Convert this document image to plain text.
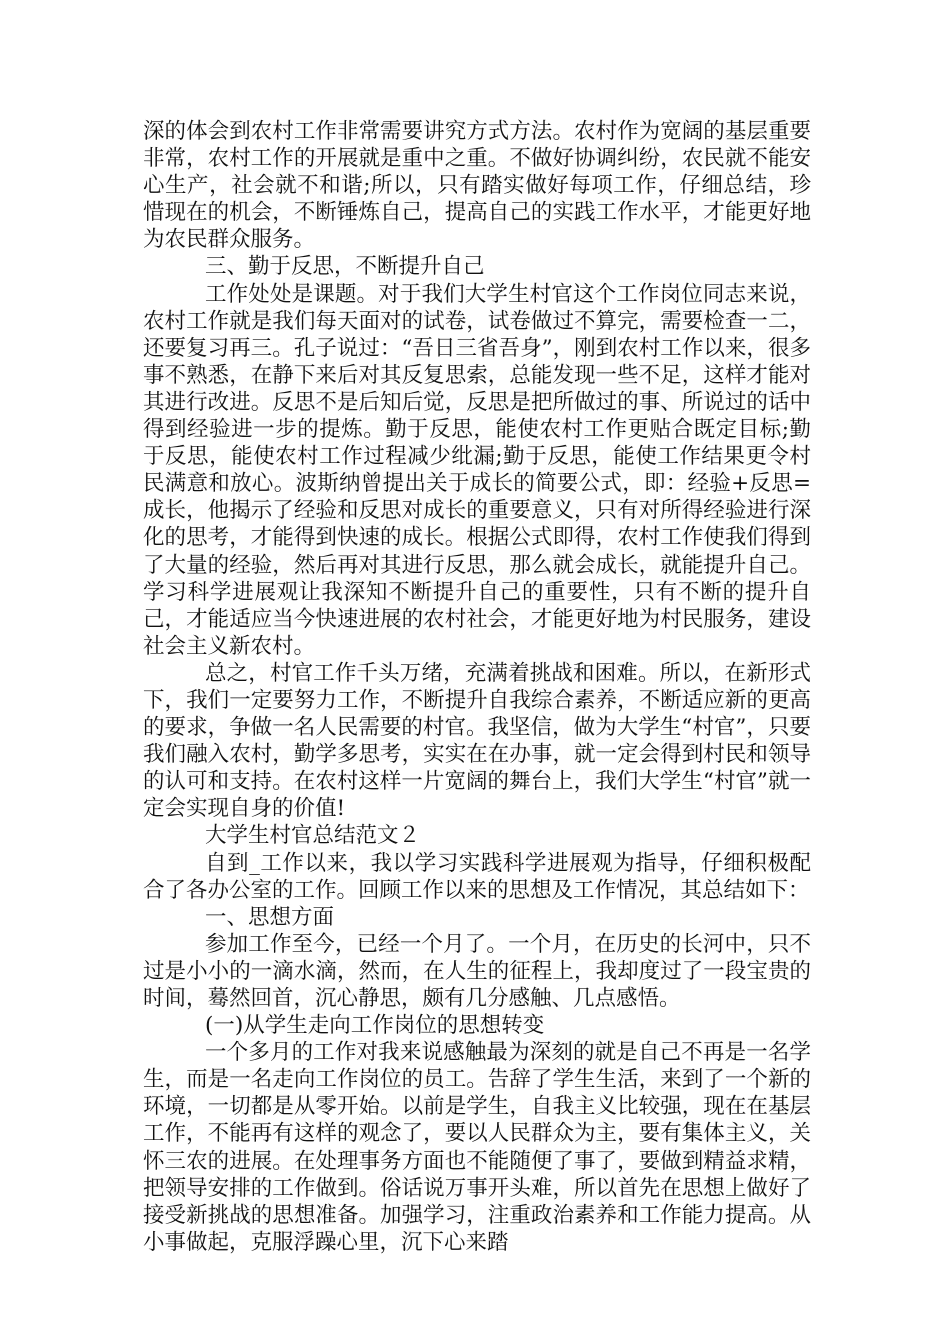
深的体会到农村工作非常需要讲究方式方法。农村作为宽阔的基层重要非常，农村工作的开展就是重中之重。不做好协调纠纷，农民就不能安心生产，社会就不和谐;所以，只有踏实做好每项工作，仔细总结，珍惜现在的机会，不断锤炼自己，提高自己的实践工作水平，才能更好地为农民群众服务。

三、勤于反思，不断提升自己

工作处处是课题。对于我们大学生村官这个工作岗位同志来说，农村工作就是我们每天面对的试卷，试卷做过不算完，需要检查一二，还要复习再三。孔子说过：“吾日三省吾身”，刚到农村工作以来，很多事不熟悉，在静下来后对其反复思索，总能发现一些不足，这样才能对其进行改进。反思不是后知后觉，反思是把所做过的事、所说过的话中得到经验进一步的提炼。勤于反思，能使农村工作更贴合既定目标;勤于反思，能使农村工作过程减少纰漏;勤于反思，能使工作结果更令村民满意和放心。波斯纳曾提出关于成长的简要公式，即：经验+反思=成长，他揭示了经验和反思对成长的重要意义，只有对所得经验进行深化的思考，才能得到快速的成长。根据公式即得，农村工作使我们得到了大量的经验，然后再对其进行反思，那么就会成长，就能提升自己。学习科学进展观让我深知不断提升自己的重要性，只有不断的提升自己，才能适应当今快速进展的农村社会，才能更好地为村民服务，建设社会主义新农村。

总之，村官工作千头万绪，充满着挑战和困难。所以，在新形式下，我们一定要努力工作，不断提升自我综合素养，不断适应新的更高的要求，争做一名人民需要的村官。我坚信，做为大学生“村官”，只要我们融入农村，勤学多思考，实实在在办事，就一定会得到村民和领导的认可和支持。在农村这样一片宽阔的舞台上，我们大学生“村官”就一定会实现自身的价值!

大学生村官总结范文２

自到_工作以来，我以学习实践科学进展观为指导，仔细积极配合了各办公室的工作。回顾工作以来的思想及工作情况，其总结如下：

一、思想方面

参加工作至今，已经一个月了。一个月，在历史的长河中，只不过是小小的一滴水滴，然而，在人生的征程上，我却度过了一段宝贵的时间，蓦然回首，沉心静思，颇有几分感触、几点感悟。

(一)从学生走向工作岗位的思想转变

一个多月的工作对我来说感触最为深刻的就是自己不再是一名学生，而是一名走向工作岗位的员工。告辞了学生生活，来到了一个新的环境，一切都是从零开始。以前是学生，自我主义比较强，现在在基层工作，不能再有这样的观念了，要以人民群众为主，要有集体主义，关怀三农的进展。在处理事务方面也不能随便了事了，要做到精益求精，把领导安排的工作做到。俗话说万事开头难，所以首先在思想上做好了接受新挑战的思想准备。加强学习，注重政治素养和工作能力提高。从小事做起，克服浮躁心里，沉下心来踏
